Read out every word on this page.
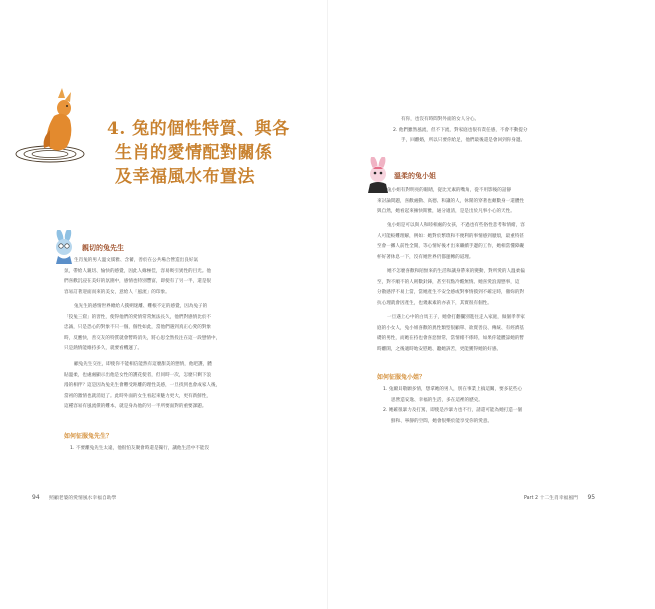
4. 兔的個性特質、與各
生肖的愛情配對關係
及幸福風水布置法
親切的兔先生
生肖兔的男人溫文儒雅、含蓄，善於在公共場合營造出良好氣
氛，帶給人親切、愉快的感覺，因此人緣極佳，容易吸引異性的目光。他
們喜歡沉浸在美好的氛圍中，感情也特別豐富，即使有了另一半，還是很
容易訂著迎面而來的美女，意給人「風流」的印象。
兔先生的感情世界總給人撲朔迷離、難根不定的感覺，因為兔子的
「狡兔三窟」的習性，使得他們的愛情常常無法長久，他們對感情比於不
忠誠，只是恐心的對象不只一個，個性如此，當他們遇到真正心愛的對象
時，反應快，善交友的特質就會暫時消失，將心思全然投注在這一段戀情中，
只是熱情能維持多久，就要看機運了。
顧兔先生交往，即使你不能相信能然有這麼甜美的戀情，他吧護，體
貼溫柔，也處處顯示出他是女性的護花使者，但同時一次，怎麼只剩下浪
漫的相伴？這是因為兔先生會難受距離的理性美感，一旦找到也會成家人後，
當初的激情也就消退了。此時外面的女生看起來魅力更大，更有新鮮性，
這種容易有風流債的難本，就是身為他的另一半所要面對的重要課題。
如何征服兔先生？
1. 不要離兔先生太遠，他很怕友聚會時還是獨行，讓他生活中不能沒
94 照顧老婆的愛情風水幸福自助學
有你，也沒有時間對外面的女人分心。
2. 他們雖然風流，但不下流，對家庭也很有責任感，不會不動提分
手，回離婚，所以只要你給足，他們最後還是會回到你身邊。
溫柔的兔小姐
兔小姐有對明亮的眼睛，從比光素的嘴角，從不用影後的話靜
來討論問題，喜歡處動、高德、和讓的人，休閒的穿著也頗數身一還體性
與自然，她看起來擁快斯雅，通分適清，是是出於凡事小心的天性。
兔小姐是可以與人和睦相處的女孩，不過也有些俗性悲考和情緒，容
人可能較難理解，例如：她對於繁瑣和不便利的事情感到厭煩，最重特甚
至會一擲人前性全開，等心情好後才出來繼續手邊的工作，她相當懂障礙
杯好著休息一下，沒有她世界仍都運轉的道理。
她不怎麼喜歡和陌無來的生活和讓身帶來的變動，對所愛的人溫柔偏
至，對不順不的人則數針鋒，甚至有點冷酷無情。她喜愛浪漫戀事，這
分散感浮不易上當，當她產生不安全感或對事情摸到不確定時，徹妳的對
抗心理就會因產生，也幾素素的亦表下，其實很有個性。
一旦遇上心中的白馬王子，她會打翻攔別進往走入家庭，做個孝孝家
庭的小女人，兔小姐喜歡的異性類型很顧單、欲賣善良、傳統、有經濟基
礎的男性，而她在持也會喜惡無常，當情緒不係時，如果你能體諒她的暫
時離開，之後適時地安慰她、聽她訴苦，更能獲得她的好感。
如何征服兔小姐？
1. 兔爾貝敬願多情，想拿她的男人，別在事業上搞這關，要多花些心
思營造安逸、幸福的生活，多在這裡的歷史。
2. 她確很暴力及打罵，即使是沙暴力也不行，請還可能為她打造一個
鮮和、寧靜的空間，她會很樂於能享受你的愛意。
Part 2 十二生肖幸福風門 95
